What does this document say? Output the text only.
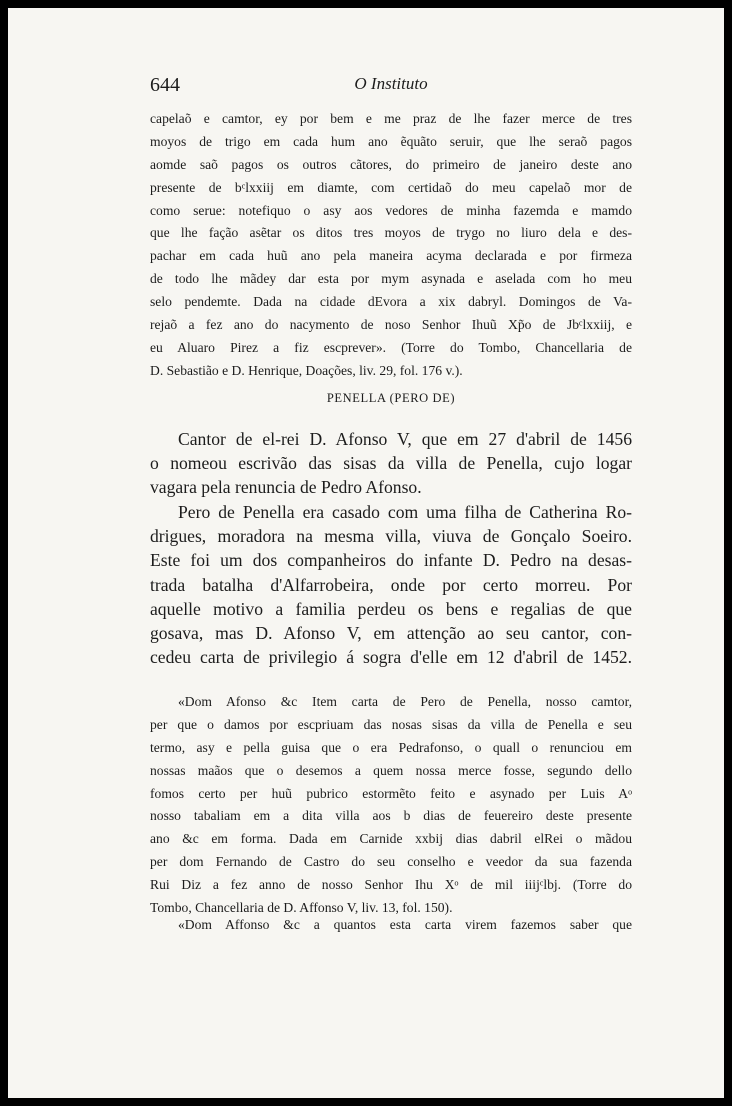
644	O Instituto
capelaõ e camtor, ey por bem e me praz de lhe fazer merce de tres
moyos de trigo em cada hum ano ẽquãto seruir, que lhe seraõ pagos
aomde saõ pagos os outros cãtores, do primeiro de janeiro deste ano
presente de bᶜlxxiij em diamte, com certidaõ do meu capelaõ mor de
como serue: notefiquo o asy aos vedores de minha fazemda e mamdo
que lhe fação asẽtar os ditos tres moyos de trygo no liuro dela e des-
pachar em cada huũ ano pela maneira acyma declarada e por firmeza
de todo lhe mãdey dar esta por mym asynada e aselada com ho meu
selo pendemte. Dada na cidade dEvora a xix dabryl. Domingos de Va-
rejaõ a fez ano do nacymento de noso Senhor Ihuũ Xp̃o de Jbᶜlxxiij, e
eu Aluaro Pirez a fiz escprever». (Torre do Tombo, Chancellaria de
D. Sebastião e D. Henrique, Doações, liv. 29, fol. 176 v.).
PENELLA (PERO DE)
Cantor de el-rei D. Afonso V, que em 27 d'abril de 1456
o nomeou escrivão das sisas da villa de Penella, cujo logar
vagara pela renuncia de Pedro Afonso.
Pero de Penella era casado com uma filha de Catherina Ro-
drigues, moradora na mesma villa, viuva de Gonçalo Soeiro.
Este foi um dos companheiros do infante D. Pedro na desas-
trada batalha d'Alfarrobeira, onde por certo morreu. Por
aquelle motivo a familia perdeu os bens e regalias de que
gosava, mas D. Afonso V, em attenção ao seu cantor, con-
cedeu carta de privilegio á sogra d'elle em 12 d'abril de 1452.
«Dom Afonso &c Item carta de Pero de Penella, nosso camtor,
per que o damos por escpriuam das nosas sisas da villa de Penella e seu
termo, asy e pella guisa que o era Pedrafonso, o quall o renunciou em
nossas maãos que o desemos a quem nossa merce fosse, segundo dello
fomos certo per huũ pubrico estormẽto feito e asynado per Luis Aᵒ
nosso tabaliam em a dita villa aos b dias de feuereiro deste presente
ano &c em forma. Dada em Carnide xxbij dias dabril elRei o mãdou
per dom Fernando de Castro do seu conselho e veedor da sua fazenda
Rui Diz a fez anno de nosso Senhor Ihu Xᵒ de mil iiijᶜlbj. (Torre do
Tombo, Chancellaria de D. Affonso V, liv. 13, fol. 150).
«Dom Affonso &c a quantos esta carta virem fazemos saber que
